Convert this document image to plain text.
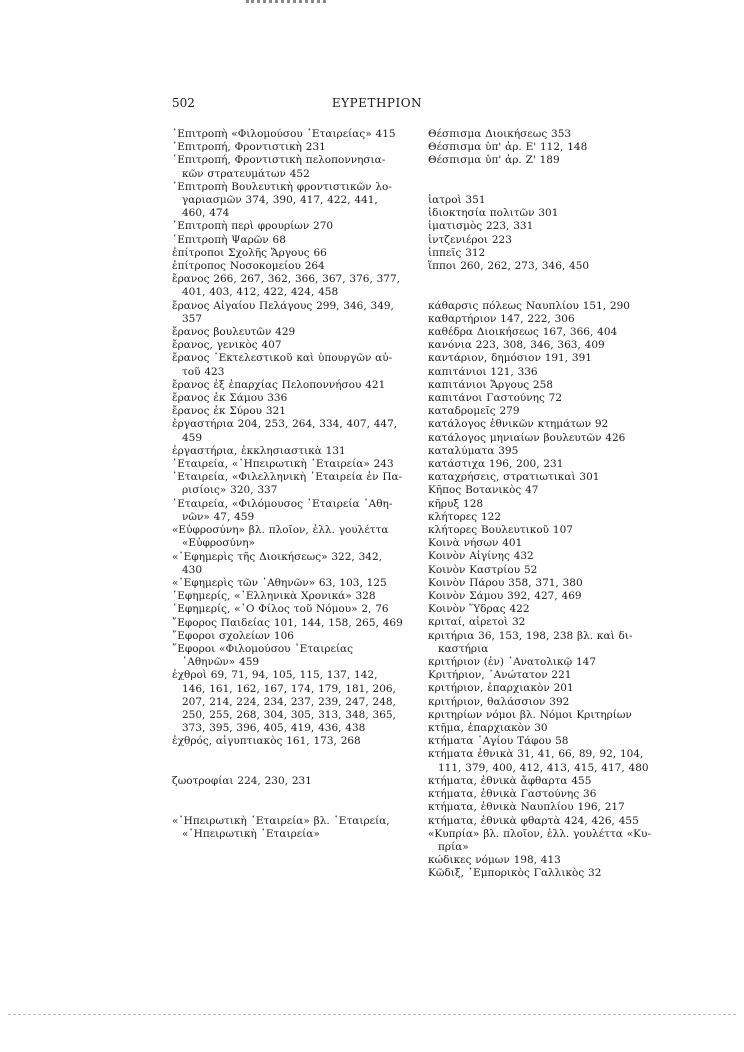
502	ΕΥΡΕΤΗΡΙΟΝ
᾿Επιτροπὴ «Φιλομούσου ῾Εταιρείας» 415
᾿Επιτροπή, Φροντιστικὴ 231
᾿Επιτροπή, Φροντιστικὴ πελοποννησια-κῶν στρατευμάτων 452
᾿Επιτροπὴ Βουλευτικὴ φροντιστικῶν λο-γαριασμῶν 374, 390, 417, 422, 441, 460, 474
᾿Επιτροπὴ περὶ φρουρίων 270
᾿Επιτροπὴ Ψαρῶν 68
ἐπίτροποι Σχολῆς Ἄργους 66
ἐπίτροπος Νοσοκομείου 264
ἔρανος 266, 267, 362, 366, 367, 376, 377, 401, 403, 412, 422, 424, 458
ἔρανος Αἰγαίου Πελάγους 299, 346, 349, 357
ἔρανος βουλευτῶν 429
ἔρανος, γενικὸς 407
ἔρανος ᾿Εκτελεστικοῦ καὶ ὑπουργῶν αὐ-τοῦ 423
ἔρανος ἐξ ἐπαρχίας Πελοποννήσου 421
ἔρανος ἐκ Σάμου 336
ἔρανος ἐκ Σύρου 321
ἐργαστήρια 204, 253, 264, 334, 407, 447, 459
ἐργαστήρια, ἐκκλησιαστικὰ 131
῾Εταιρεία, «᾿Ηπειρωτικὴ ῾Εταιρεία» 243
῾Εταιρεία, «Φιλελληνικὴ ῾Εταιρεία ἐν Πα-ρισίοις» 320, 337
῾Εταιρεία, «Φιλόμουσος ῾Εταιρεία ᾿Αθη-νῶν» 47, 459
«Εὐφροσύνη» βλ. πλοῖον, ἑλλ. γουλέττα «Εὐφροσύνη»
«᾿Εφημερὶς τῆς Διοικήσεως» 322, 342, 430
«᾿Εφημερὶς τῶν ᾿Αθηνῶν» 63, 103, 125
᾿Εφημερίς, «᾿Ελληνικὰ Χρονικά» 328
᾿Εφημερίς, «᾿Ο Φίλος τοῦ Νόμου» 2, 76
῎Εφορος Παιδείας 101, 144, 158, 265, 469
῎Εφοροι σχολείων 106
῎Εφοροι «Φιλομούσου ῾Εταιρείας ᾿Αθηνῶν» 459
ἐχθροὶ 69, 71, 94, 105, 115, 137, 142, 146, 161, 162, 167, 174, 179, 181, 206, 207, 214, 224, 234, 237, 239, 247, 248, 250, 255, 268, 304, 305, 313, 348, 365, 373, 395, 396, 405, 419, 436, 438
ἐχθρός, αἰγυπτιακὸς 161, 173, 268
ζωοτροφίαι 224, 230, 231
«᾿Ηπειρωτικὴ ῾Εταιρεία» βλ. ῾Εταιρεία, «᾿Ηπειρωτικὴ ῾Εταιρεία»
Θέσπισμα Διοικήσεως 353
Θέσπισμα ὑπ' ἀρ. Ε' 112, 148
Θέσπισμα ὑπ' ἀρ. Ζ' 189
ἰατροὶ 351
ἰδιοκτησία πολιτῶν 301
ἱματισμὸς 223, 331
ἰντζενιέροι 223
ἱππεῖς 312
ἵπποι 260, 262, 273, 346, 450
κάθαρσις πόλεως Ναυπλίου 151, 290
καθαρτήριον 147, 222, 306
καθέδρα Διοικήσεως 167, 366, 404
κανόνια 223, 308, 346, 363, 409
καντάριον, δημόσιον 191, 391
καπιτάνιοι 121, 336
καπιτάνιοι Ἄργους 258
καπιτάνοι Γαστούνης 72
καταδρομεῖς 279
κατάλογος ἐθνικῶν κτημάτων 92
κατάλογος μηνιαίων βουλευτῶν 426
καταλύματα 395
κατάστιχα 196, 200, 231
καταχρήσεις, στρατιωτικαὶ 301
Κῆπος Βοτανικὸς 47
κῆρυξ 128
κλήτορες 122
κλήτορες Βουλευτικοῦ 107
Κοινὰ νήσων 401
Κοινὸν Αἰγίνης 432
Κοινὸν Καστρίου 52
Κοινὸν Πάρου 358, 371, 380
Κοινὸν Σάμου 392, 427, 469
Κοινὸν Ὕδρας 422
κριταί, αἱρετοὶ 32
κριτήρια 36, 153, 198, 238 βλ. καὶ δι-καστήρια
κριτήριον (ἐν) ᾿Ανατολικῷ 147
Κριτήριον, ᾿Ανώτατον 221
κριτήριον, ἐπαρχιακὸν 201
κριτήριον, θαλάσσιον 392
κριτηρίων νόμοι βλ. Νόμοι Κριτηρίων
κτῆμα, ἐπαρχιακὸν 30
κτήματα ῾Αγίου Τάφου 58
κτήματα ἐθνικὰ 31, 41, 66, 89, 92, 104, 111, 379, 400, 412, 413, 415, 417, 480
κτήματα, ἐθνικὰ ἄφθαρτα 455
κτήματα, ἐθνικὰ Γαστούνης 36
κτήματα, ἐθνικὰ Ναυπλίου 196, 217
κτήματα, ἐθνικὰ φθαρτὰ 424, 426, 455
«Κυπρία» βλ. πλοῖον, ἑλλ. γουλέττα «Κυ-πρία»
κώδικες νόμων 198, 413
Κῶδιξ, ᾿Εμπορικὸς Γαλλικὸς 32
